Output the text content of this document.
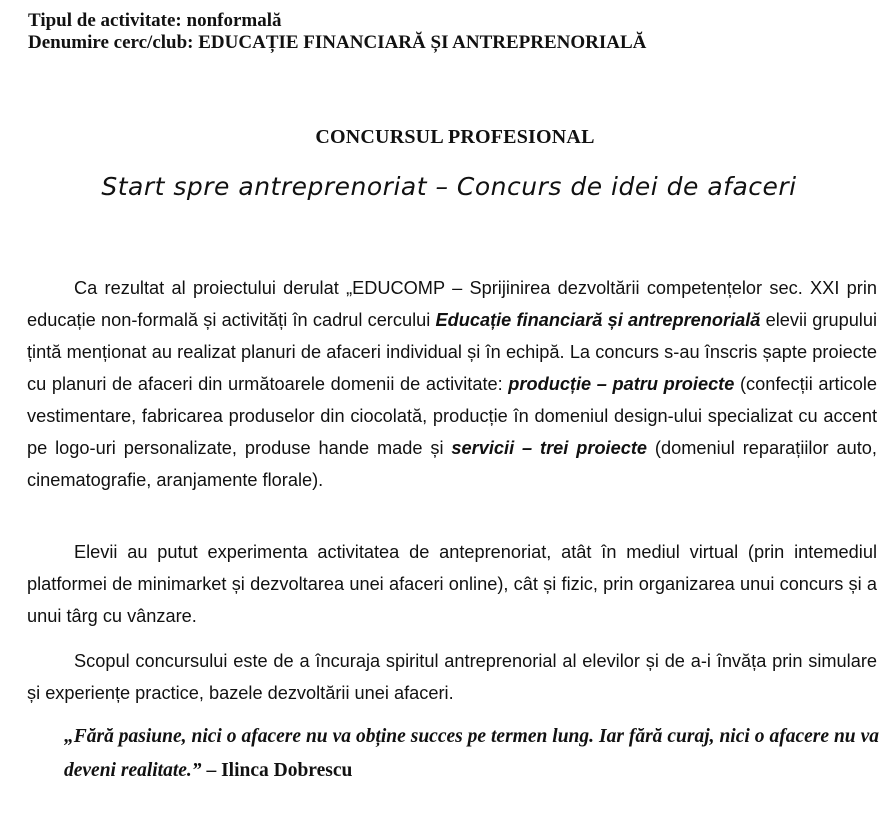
Tipul de activitate: nonformală
Denumire cerc/club: EDUCAȚIE FINANCIARĂ ȘI ANTREPRENORIALĂ
CONCURSUL PROFESIONAL
Start spre antreprenoriat – Concurs de idei de afaceri
Ca rezultat al proiectului derulat „EDUCOMP – Sprijinirea dezvoltării competențelor sec. XXI prin educație non-formală și activități în cadrul cercului Educație financiară și antreprenorială elevii grupului țintă menționat au realizat planuri de afaceri individual și în echipă. La concurs s-au înscris șapte proiecte cu planuri de afaceri din următoarele domenii de activitate: producție – patru proiecte (confecții articole vestimentare, fabricarea produselor din ciocolată, producție în domeniul design-ului specializat cu accent pe logo-uri personalizate, produse hande made și servicii – trei proiecte (domeniul reparațiilor auto, cinematografie, aranjamente florale).
Elevii au putut experimenta activitatea de anteprenoriat, atât în mediul virtual (prin intemediul platformei de minimarket și dezvoltarea unei afaceri online), cât și fizic, prin organizarea unui concurs și a unui târg cu vânzare.
Scopul concursului este de a încuraja spiritul antreprenorial al elevilor și de a-i învăța prin simulare și experiențe practice, bazele dezvoltării unei afaceri.
„Fără pasiune, nici o afacere nu va obține succes pe termen lung. Iar fără curaj, nici o afacere nu va deveni realitate.” – Ilinca Dobrescu
